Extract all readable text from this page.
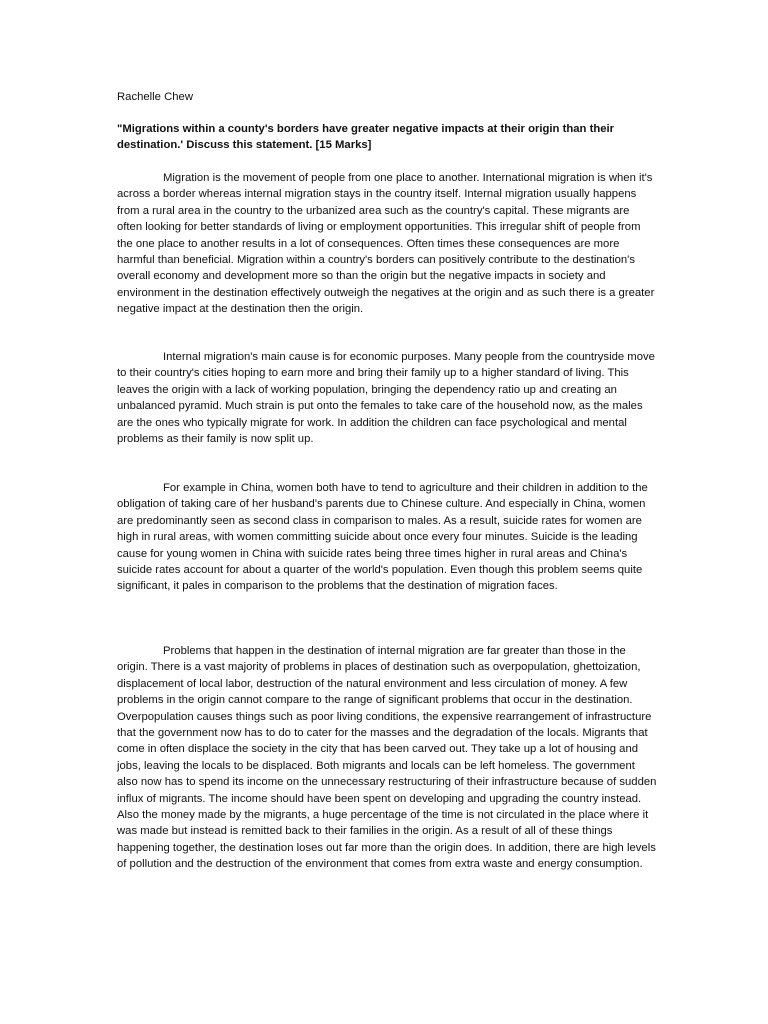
Rachelle Chew
"Migrations within a county's borders have greater negative impacts at their origin than their destination.' Discuss this statement. [15 Marks]
Migration is the movement of people from one place to another. International migration is when it's across a border whereas internal migration stays in the country itself. Internal migration usually happens from a rural area in the country to the urbanized area such as the country's capital. These migrants are often looking for better standards of living or employment opportunities. This irregular shift of people from the one place to another results in a lot of consequences. Often times these consequences are more harmful than beneficial. Migration within a country's borders can positively contribute to the destination's overall economy and development more so than the origin but the negative impacts in society and environment in the destination effectively outweigh the negatives at the origin and as such there is a greater negative impact at the destination then the origin.
Internal migration's main cause is for economic purposes. Many people from the countryside move to their country's cities hoping to earn more and bring their family up to a higher standard of living. This leaves the origin with a lack of working population, bringing the dependency ratio up and creating an unbalanced pyramid. Much strain is put onto the females to take care of the household now, as the males are the ones who typically migrate for work. In addition the children can face psychological and mental problems as their family is now split up.
For example in China, women both have to tend to agriculture and their children in addition to the obligation of taking care of her husband's parents due to Chinese culture. And especially in China, women are predominantly seen as second class in comparison to males. As a result, suicide rates for women are high in rural areas, with women committing suicide about once every four minutes. Suicide is the leading cause for young women in China with suicide rates being three times higher in rural areas and China's suicide rates account for about a quarter of the world's population. Even though this problem seems quite significant, it pales in comparison to the problems that the destination of migration faces.
Problems that happen in the destination of internal migration are far greater than those in the origin. There is a vast majority of problems in places of destination such as overpopulation, ghettoization, displacement of local labor, destruction of the natural environment and less circulation of money. A few problems in the origin cannot compare to the range of significant problems that occur in the destination. Overpopulation causes things such as poor living conditions, the expensive rearrangement of infrastructure that the government now has to do to cater for the masses and the degradation of the locals. Migrants that come in often displace the society in the city that has been carved out. They take up a lot of housing and jobs, leaving the locals to be displaced. Both migrants and locals can be left homeless. The government also now has to spend its income on the unnecessary restructuring of their infrastructure because of sudden influx of migrants. The income should have been spent on developing and upgrading the country instead. Also the money made by the migrants, a huge percentage of the time is not circulated in the place where it was made but instead is remitted back to their families in the origin. As a result of all of these things happening together, the destination loses out far more than the origin does. In addition, there are high levels of pollution and the destruction of the environment that comes from extra waste and energy consumption.
